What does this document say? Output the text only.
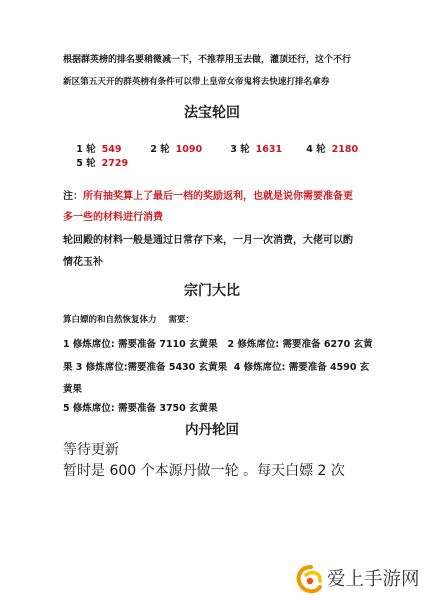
根据群英榜的排名要稍微减一下，不推荐用玉去做，灌顶还行，这个不行
新区第五天开的群英榜有条件可以带上皇帝女帝鬼将去快速打排名拿券
法宝轮回

1 轮 549
	2 轮 1090
	3 轮 1631
	4 轮 2180

5 轮 2729

注：所有抽奖算上了最后一档的奖励返利，也就是说你需要准备更
多一些的材料进行消费
轮回殿的材料一般是通过日常存下来，一月一次消费，大佬可以酌
情花玉补
宗门大比
算白嫖的和自然恢复体力    需要：
1 修炼席位: 需要准备 7110 玄黄果   2 修炼席位: 需要准备 6270 玄黄
果 3 修炼席位:需要准备 5430 玄黄果  4 修炼席位: 需要准备 4590 玄
黄果
5 修炼席位: 需要准备 3750 玄黄果
内丹轮回
等待更新
暂时是 600 个本源丹做一轮 。每天白嫖 2 次
爱上手游网
